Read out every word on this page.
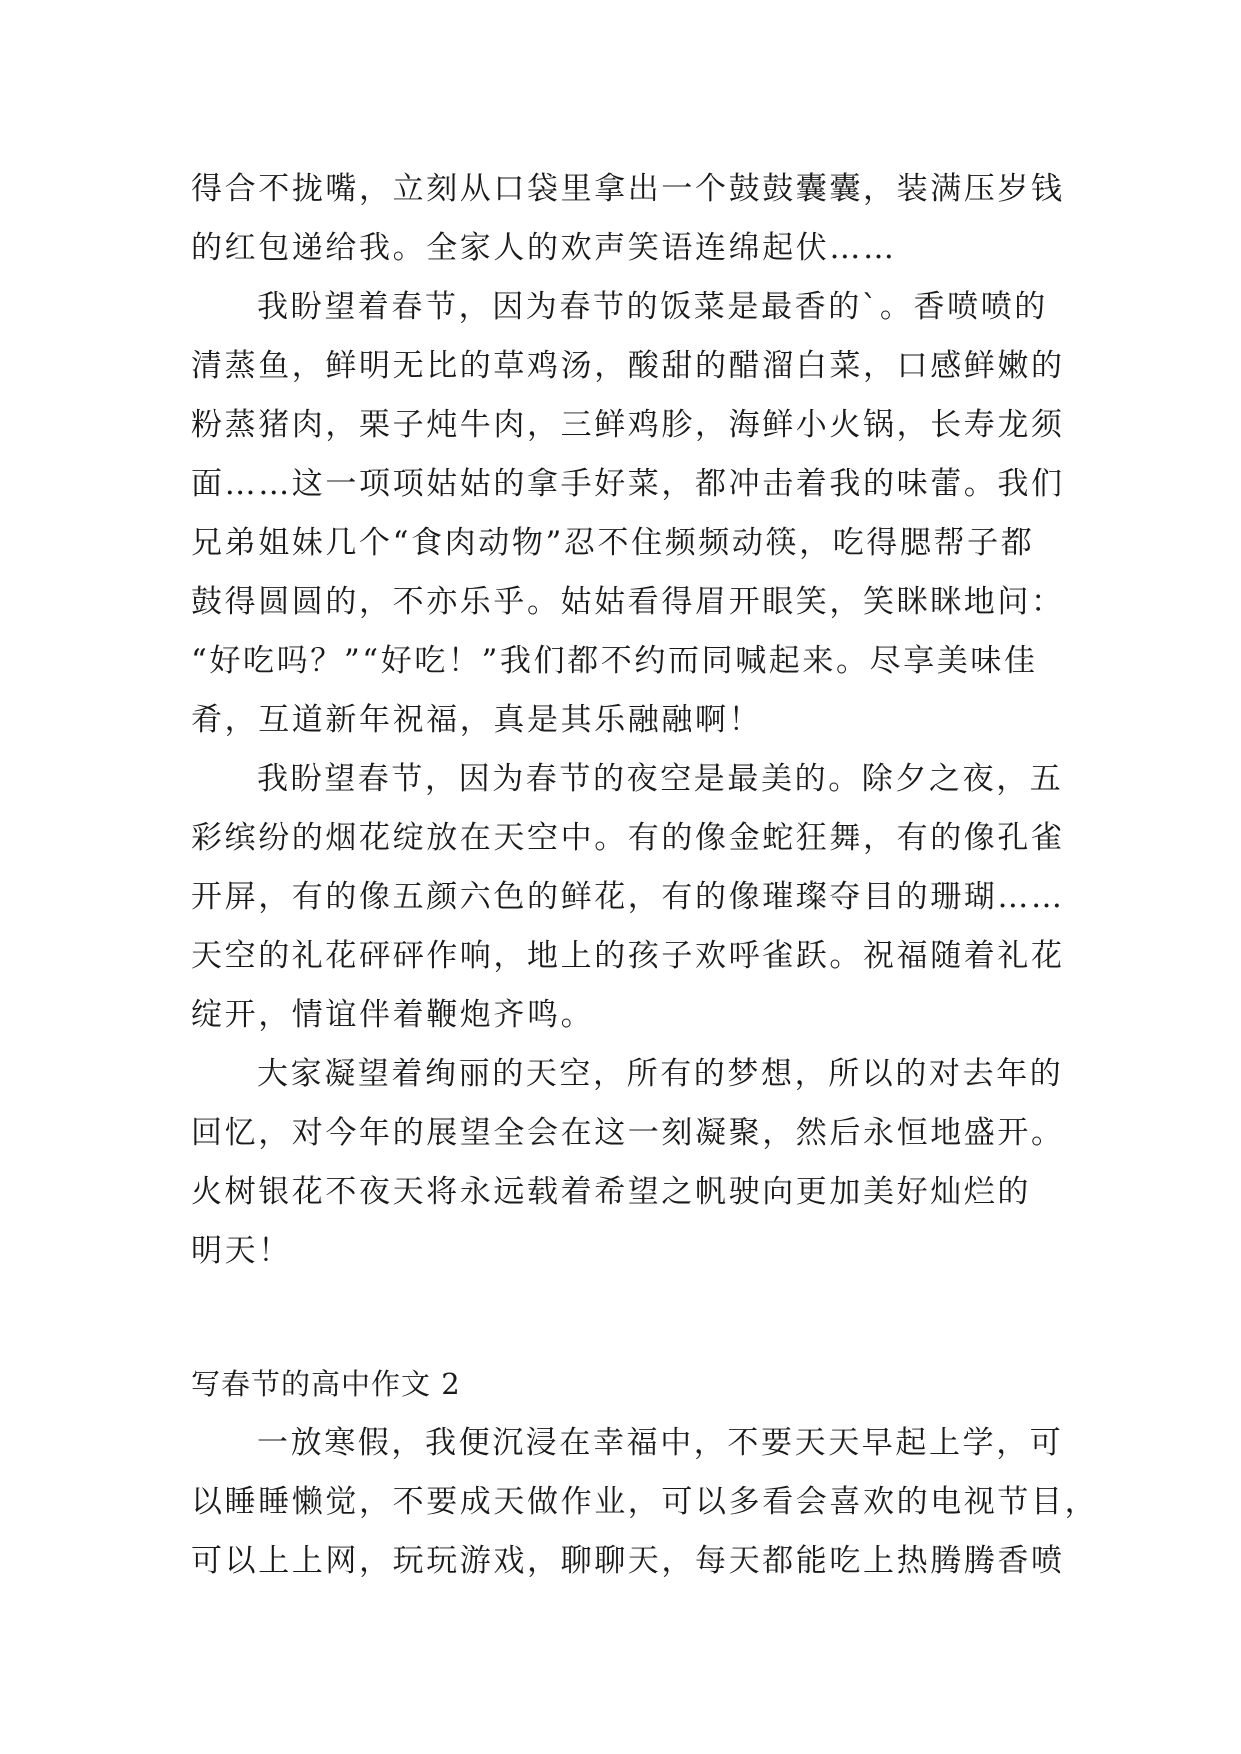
得合不拢嘴，立刻从口袋里拿出一个鼓鼓囊囊，装满压岁钱
的红包递给我。全家人的欢声笑语连绵起伏……
我盼望着春节，因为春节的饭菜是最香的`。香喷喷的
清蒸鱼，鲜明无比的草鸡汤，酸甜的醋溜白菜，口感鲜嫩的
粉蒸猪肉，栗子炖牛肉，三鲜鸡胗，海鲜小火锅，长寿龙须
面……这一项项姑姑的拿手好菜，都冲击着我的味蕾。我们
兄弟姐妹几个“食肉动物”忍不住频频动筷，吃得腮帮子都
鼓得圆圆的，不亦乐乎。姑姑看得眉开眼笑，笑眯眯地问：
“好吃吗？”“好吃！”我们都不约而同喊起来。尽享美味佳
肴，互道新年祝福，真是其乐融融啊！
我盼望春节，因为春节的夜空是最美的。除夕之夜，五
彩缤纷的烟花绽放在天空中。有的像金蛇狂舞，有的像孔雀
开屏，有的像五颜六色的鲜花，有的像璀璨夺目的珊瑚……
天空的礼花砰砰作响，地上的孩子欢呼雀跃。祝福随着礼花
绽开，情谊伴着鞭炮齐鸣。
大家凝望着绚丽的天空，所有的梦想，所以的对去年的
回忆，对今年的展望全会在这一刻凝聚，然后永恒地盛开。
火树银花不夜天将永远载着希望之帆驶向更加美好灿烂的
明天！
写春节的高中作文 2
一放寒假，我便沉浸在幸福中，不要天天早起上学，可
以睡睡懒觉，不要成天做作业，可以多看会喜欢的电视节目，
可以上上网，玩玩游戏，聊聊天，每天都能吃上热腾腾香喷
